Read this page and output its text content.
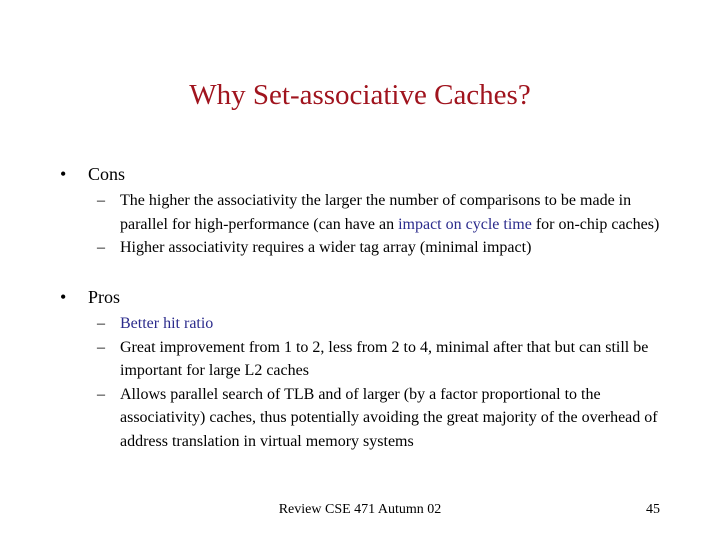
Why Set-associative Caches?
• Cons
– The higher the associativity the larger the number of comparisons to be made in parallel for high-performance (can have an impact on cycle time for on-chip caches)
– Higher associativity requires a wider tag array (minimal impact)
• Pros
– Better hit ratio
– Great improvement from 1 to 2, less from 2 to 4, minimal after that but can still be important for large L2 caches
– Allows parallel search of TLB and of larger (by a factor proportional to the associativity) caches, thus potentially avoiding the great majority of the overhead of address translation in virtual memory systems
Review CSE 471 Autumn 02	45
